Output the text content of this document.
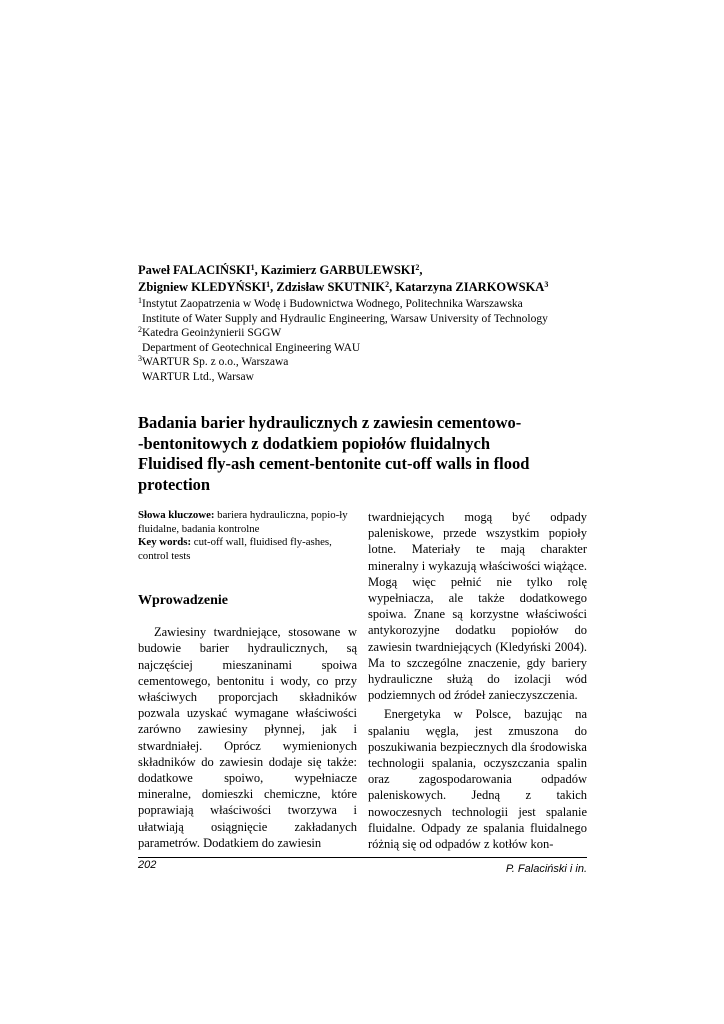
Paweł FALACIŃSKI$^1$, Kazimierz GARBULEWSKI$^2$,
Zbigniew KLEDYŃSKI$^1$, Zdzisław SKUTNIK$^2$, Katarzyna ZIARKOWSKA$^3$
$^1$Instytut Zaopatrzenia w Wodę i Budownictwa Wodnego, Politechnika Warszawska
Institute of Water Supply and Hydraulic Engineering, Warsaw University of Technology
$^2$Katedra Geoinżynierii SGGW
Department of Geotechnical Engineering WAU
$^3$WARTUR Sp. z o.o., Warszawa
WARTUR Ltd., Warsaw
Badania barier hydraulicznych z zawiesin cementowo-
-bentonitowych z dodatkiem popiołów fluidalnych
Fluidised fly-ash cement-bentonite cut-off walls in flood
protection
Słowa kluczowe: bariera hydrauliczna, popio-ły fluidalne, badania kontrolne
Key words: cut-off wall, fluidised fly-ashes, control tests
Wprowadzenie

Zawiesiny twardniejące, stosowane w budowie barier hydraulicznych, są najczęściej mieszaninami spoiwa cementowego, bentonitu i wody, co przy właściwych proporcjach składników pozwala uzyskać wymagane właściwości zarówno zawiesiny płynnej, jak i stwardniałej. Oprócz wymienionych składników do zawiesin dodaje się także: dodatkowe spoiwo, wypełniacze mineralne, domieszki chemiczne, które poprawiają właściwości tworzywa i ułatwiają osiągnięcie zakładanych parametrów. Dodatkiem do zawiesin

twardniejących mogą być odpady paleniskowe, przede wszystkim popioły lotne. Materiały te mają charakter mineralny i wykazują właściwości wiążące. Mogą więc pełnić nie tylko rolę wypełniacza, ale także dodatkowego spoiwa. Znane są korzystne właściwości antykorozyjne dodatku popiołów do zawiesin twardniejących (Kledyński 2004). Ma to szczególne znaczenie, gdy bariery hydrauliczne służą do izolacji wód podziemnych od źródeł zanieczyszczenia.

Energetyka w Polsce, bazując na spalaniu węgla, jest zmuszona do poszukiwania bezpiecznych dla środowiska technologii spalania, oczyszczania spalin oraz zagospodarowania odpadów paleniskowych. Jedną z takich nowoczesnych technologii jest spalanie fluidalne. Odpady ze spalania fluidalnego różnią się od odpadów z kotłów kon-

202	P. Falaciński i in.
